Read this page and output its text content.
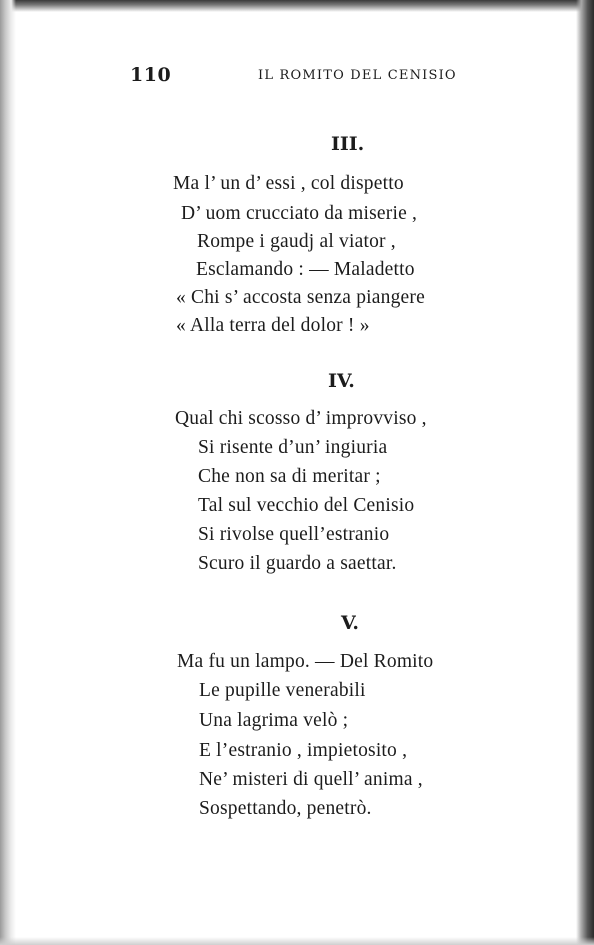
110	IL ROMITO DEL CENISIO
III.
Ma l’ un d’ essi , col dispetto
D’ uom crucciato da miserie ,
Rompe i gaudj al viator ,
Esclamando : — Maladetto
« Chi s’ accosta senza piangere
« Alla terra del dolor ! »
IV.
Qual chi scosso d’ improvviso ,
Si risente d’un’ ingiuria
Che non sa di meritar ;
Tal sul vecchio del Cenisio
Si rivolse quell’estranio
Scuro il guardo a saettar.
V.
Ma fu un lampo. — Del Romito
Le pupille venerabili
Una lagrima velò ;
E l’estranio , impietosito ,
Ne’ misteri di quell’ anima ,
Sospettando, penetrò.
